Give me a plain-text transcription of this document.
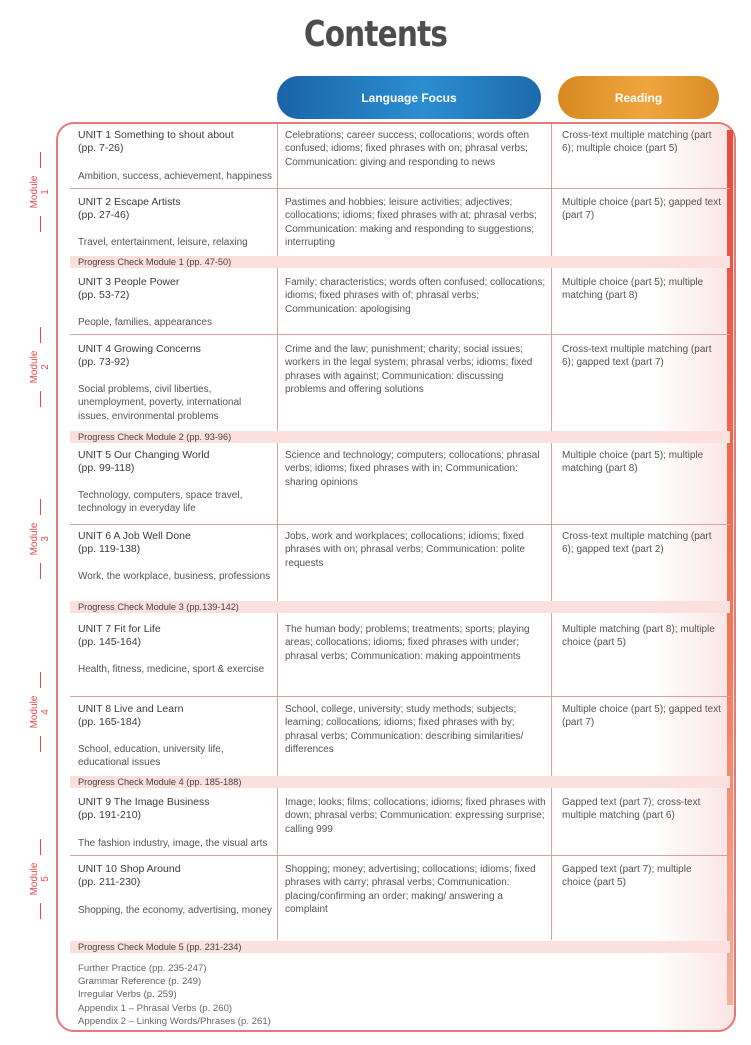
Contents
Language Focus	Reading
Module 1
Module 2
Module 3
Module 4
Module 5
Progress Check Module 1 (pp. 47-50)
Progress Check Module 2 (pp. 93-96)
Progress Check Module 3 (pp.139-142)
Progress Check Module 4 (pp. 185-188)
Progress Check Module 5 (pp. 231-234)
UNIT 1 Something to shout about
(pp. 7-26)
Ambition, success, achievement, happiness
Celebrations; career success; collocations; words often confused; idioms; fixed phrases with on; phrasal verbs; Communication: giving and responding to news
Cross-text multiple matching (part 6); multiple choice (part 5)
UNIT 2 Escape Artists
(pp. 27-46)
Travel, entertainment, leisure, relaxing
Pastimes and hobbies; leisure activities; adjectives; collocations; idioms; fixed phrases with at; phrasal verbs; Communication: making and responding to suggestions; interrupting
Multiple choice (part 5); gapped text (part 7)
UNIT 3 People Power
(pp. 53-72)
People, families, appearances
Family; characteristics; words often confused; collocations; idioms; fixed phrases with of; phrasal verbs; Communication: apologising
Multiple choice (part 5); multiple matching (part 8)
UNIT 4 Growing Concerns
(pp. 73-92)
Social problems, civil liberties, unemployment, poverty, international issues, environmental problems
Crime and the law; punishment; charity; social issues; workers in the legal system; phrasal verbs; idioms; fixed phrases with against; Communication: discussing problems and offering solutions
Cross-text multiple matching (part 6); gapped text (part 7)
UNIT 5 Our Changing World
(pp. 99-118)
Technology, computers, space travel, technology in everyday life
Science and technology; computers; collocations; phrasal verbs; idioms; fixed phrases with in; Communication: sharing opinions
Multiple choice (part 5); multiple matching (part 8)
UNIT 6 A Job Well Done
(pp. 119-138)
Work, the workplace, business, professions
Jobs, work and workplaces; collocations; idioms; fixed phrases with on; phrasal verbs; Communication: polite requests
Cross-text multiple matching (part 6); gapped text (part 2)
UNIT 7 Fit for Life
(pp. 145-164)
Health, fitness, medicine, sport & exercise
The human body; problems; treatments; sports; playing areas; collocations; idioms; fixed phrases with under; phrasal verbs; Communication: making appointments
Multiple matching (part 8); multiple choice (part 5)
UNIT 8 Live and Learn
(pp. 165-184)
School, education, university life, educational issues
School, college, university; study methods; subjects; learning; collocations; idioms; fixed phrases with by; phrasal verbs; Communication: describing similarities/ differences
Multiple choice (part 5); gapped text (part 7)
UNIT 9 The Image Business
(pp. 191-210)
The fashion industry, image, the visual arts
Image; looks; films; collocations; idioms; fixed phrases with down; phrasal verbs; Communication: expressing surprise; calling 999
Gapped text (part 7); cross-text multiple matching (part 6)
UNIT 10 Shop Around
(pp. 211-230)
Shopping, the economy, advertising, money
Shopping; money; advertising; collocations; idioms; fixed phrases with carry; phrasal verbs; Communication: placing/confirming an order; making/ answering a complaint
Gapped text (part 7); multiple choice (part 5)
Further Practice (pp. 235-247)
Grammar Reference (p. 249)
Irregular Verbs (p. 259)
Appendix 1 – Phrasal Verbs (p. 260)
Appendix 2 – Linking Words/Phrases (p. 261)
